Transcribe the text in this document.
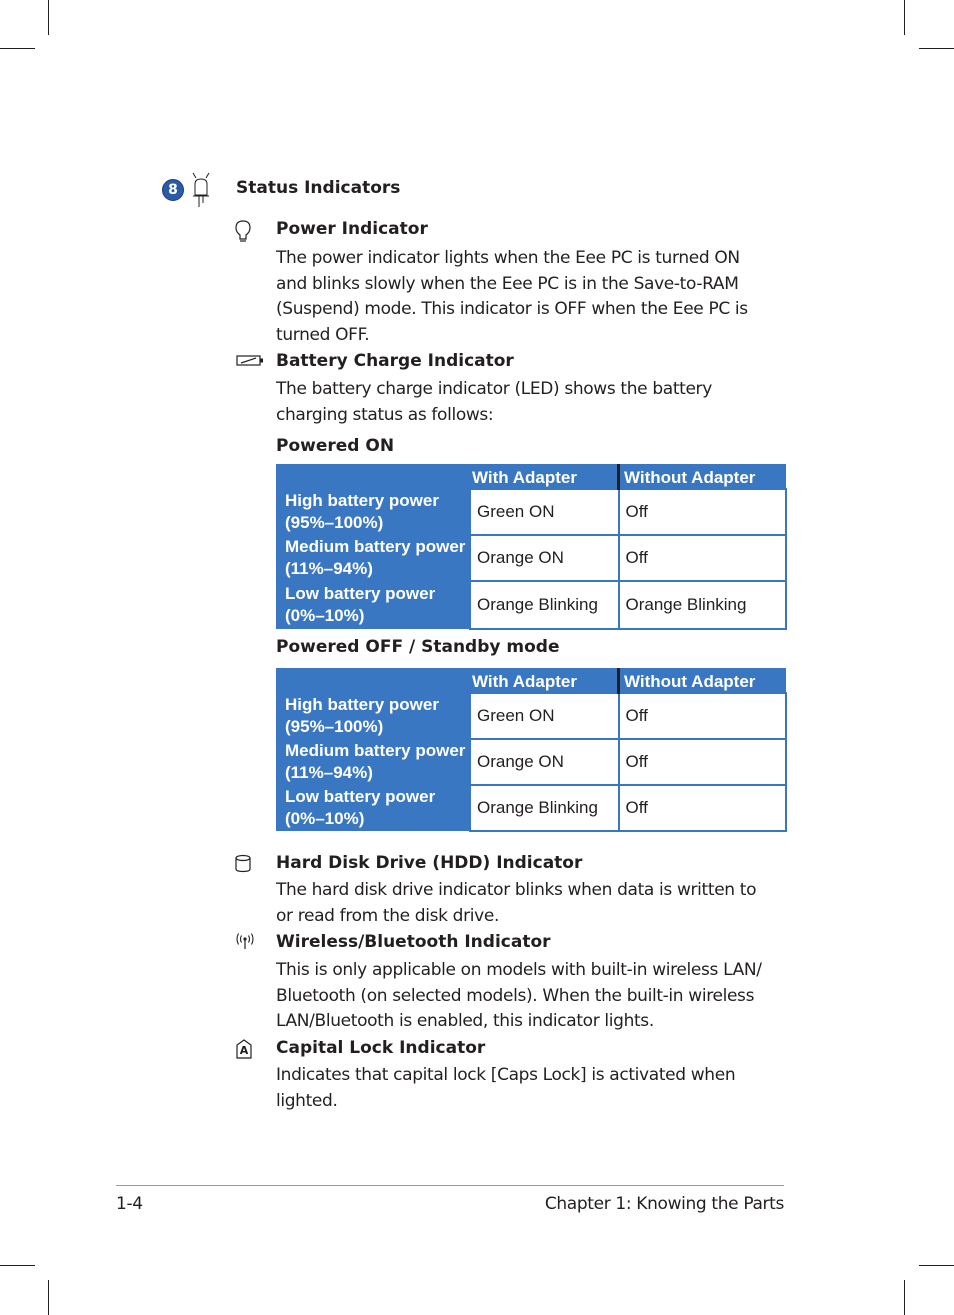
8	Status Indicators
Power Indicator
The power indicator lights when the Eee PC is turned ON
and blinks slowly when the Eee PC is in the Save-to-RAM
(Suspend) mode. This indicator is OFF when the Eee PC is
turned OFF.
Battery Charge Indicator
The battery charge indicator (LED) shows the battery
charging status as follows:
Powered ON
	With Adapter	Without Adapter
High battery power
(95%–100%)	Green ON	Off
Medium battery power
(11%–94%)	Orange ON	Off
Low battery power
(0%–10%)	Orange Blinking	Orange Blinking
Powered OFF / Standby mode
	With Adapter	Without Adapter
High battery power
(95%–100%)	Green ON	Off
Medium battery power
(11%–94%)	Orange ON	Off
Low battery power
(0%–10%)	Orange Blinking	Off
Hard Disk Drive (HDD) Indicator
The hard disk drive indicator blinks when data is written to
or read from the disk drive.
Wireless/Bluetooth Indicator
This is only applicable on models with built-in wireless LAN/
Bluetooth (on selected models). When the built-in wireless
LAN/Bluetooth is enabled, this indicator lights.
A Capital Lock Indicator
Indicates that capital lock [Caps Lock] is activated when
lighted.
1-4	Chapter 1: Knowing the Parts
